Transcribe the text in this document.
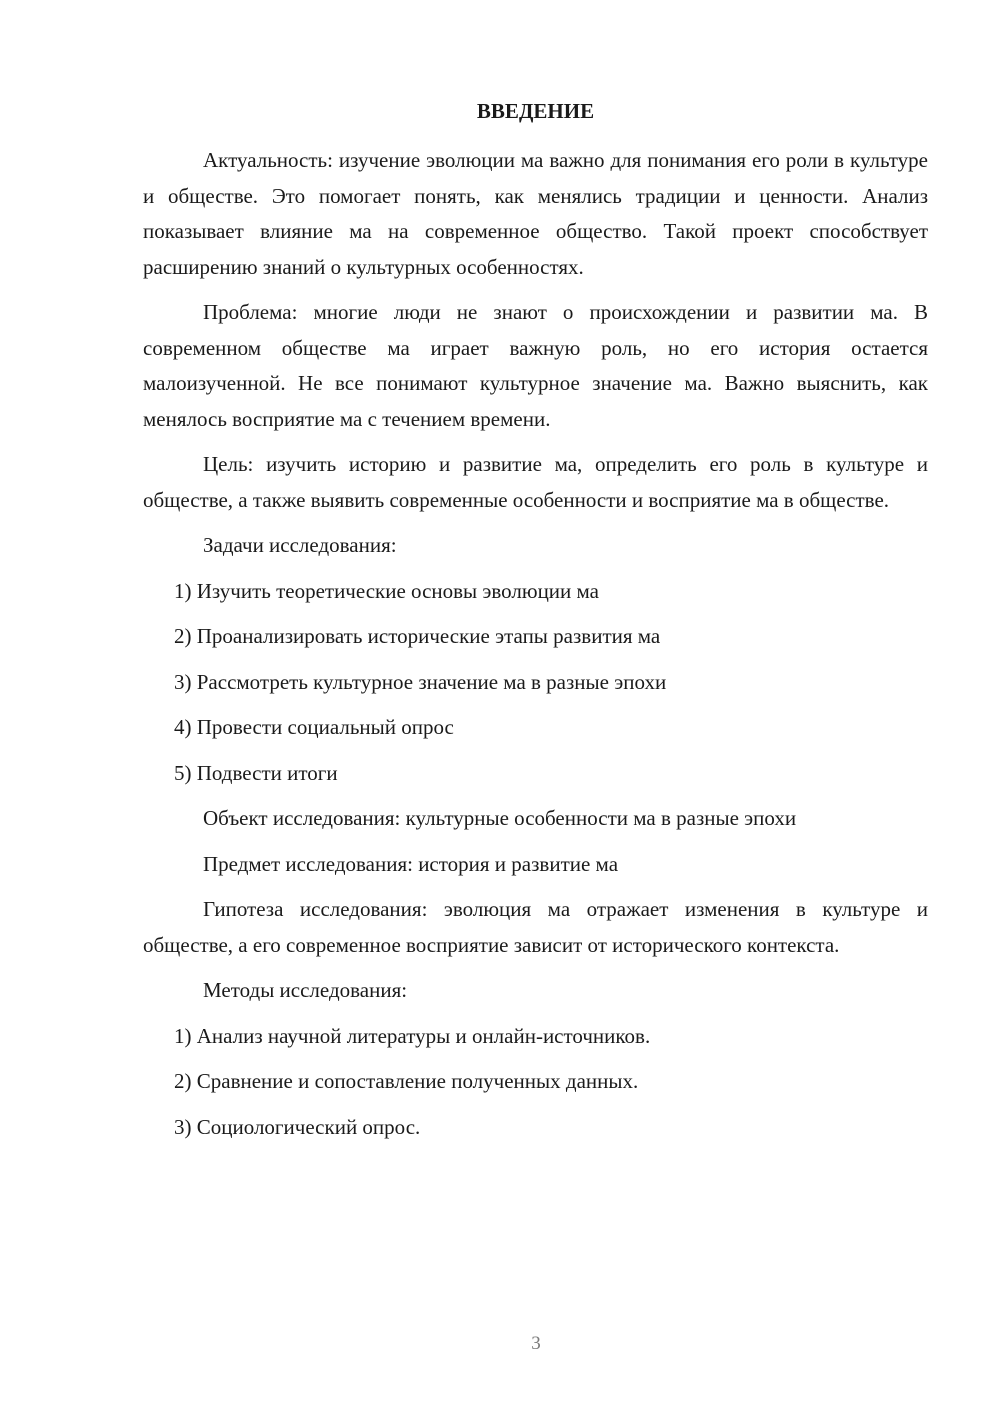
ВВЕДЕНИЕ

Актуальность: изучение эволюции ма важно для понимания его роли в культуре и обществе. Это помогает понять, как менялись традиции и ценности. Анализ показывает влияние ма на современное общество. Такой проект способствует расширению знаний о культурных особенностях.

Проблема: многие люди не знают о происхождении и развитии ма. В современном обществе ма играет важную роль, но его история остается малоизученной. Не все понимают культурное значение ма. Важно выяснить, как менялось восприятие ма с течением времени.

Цель: изучить историю и развитие ма, определить его роль в культуре и обществе, а также выявить современные особенности и восприятие ма в обществе.

Задачи исследования:
1) Изучить теоретические основы эволюции ма
2) Проанализировать исторические этапы развития ма
3) Рассмотреть культурное значение ма в разные эпохи
4) Провести социальный опрос
5) Подвести итоги
Объект исследования: культурные особенности ма в разные эпохи
Предмет исследования: история и развитие ма

Гипотеза исследования: эволюция ма отражает изменения в культуре и обществе, а его современное восприятие зависит от исторического контекста.

Методы исследования:
1) Анализ научной литературы и онлайн-источников.
2) Сравнение и сопоставление полученных данных.
3) Социологический опрос.
3
